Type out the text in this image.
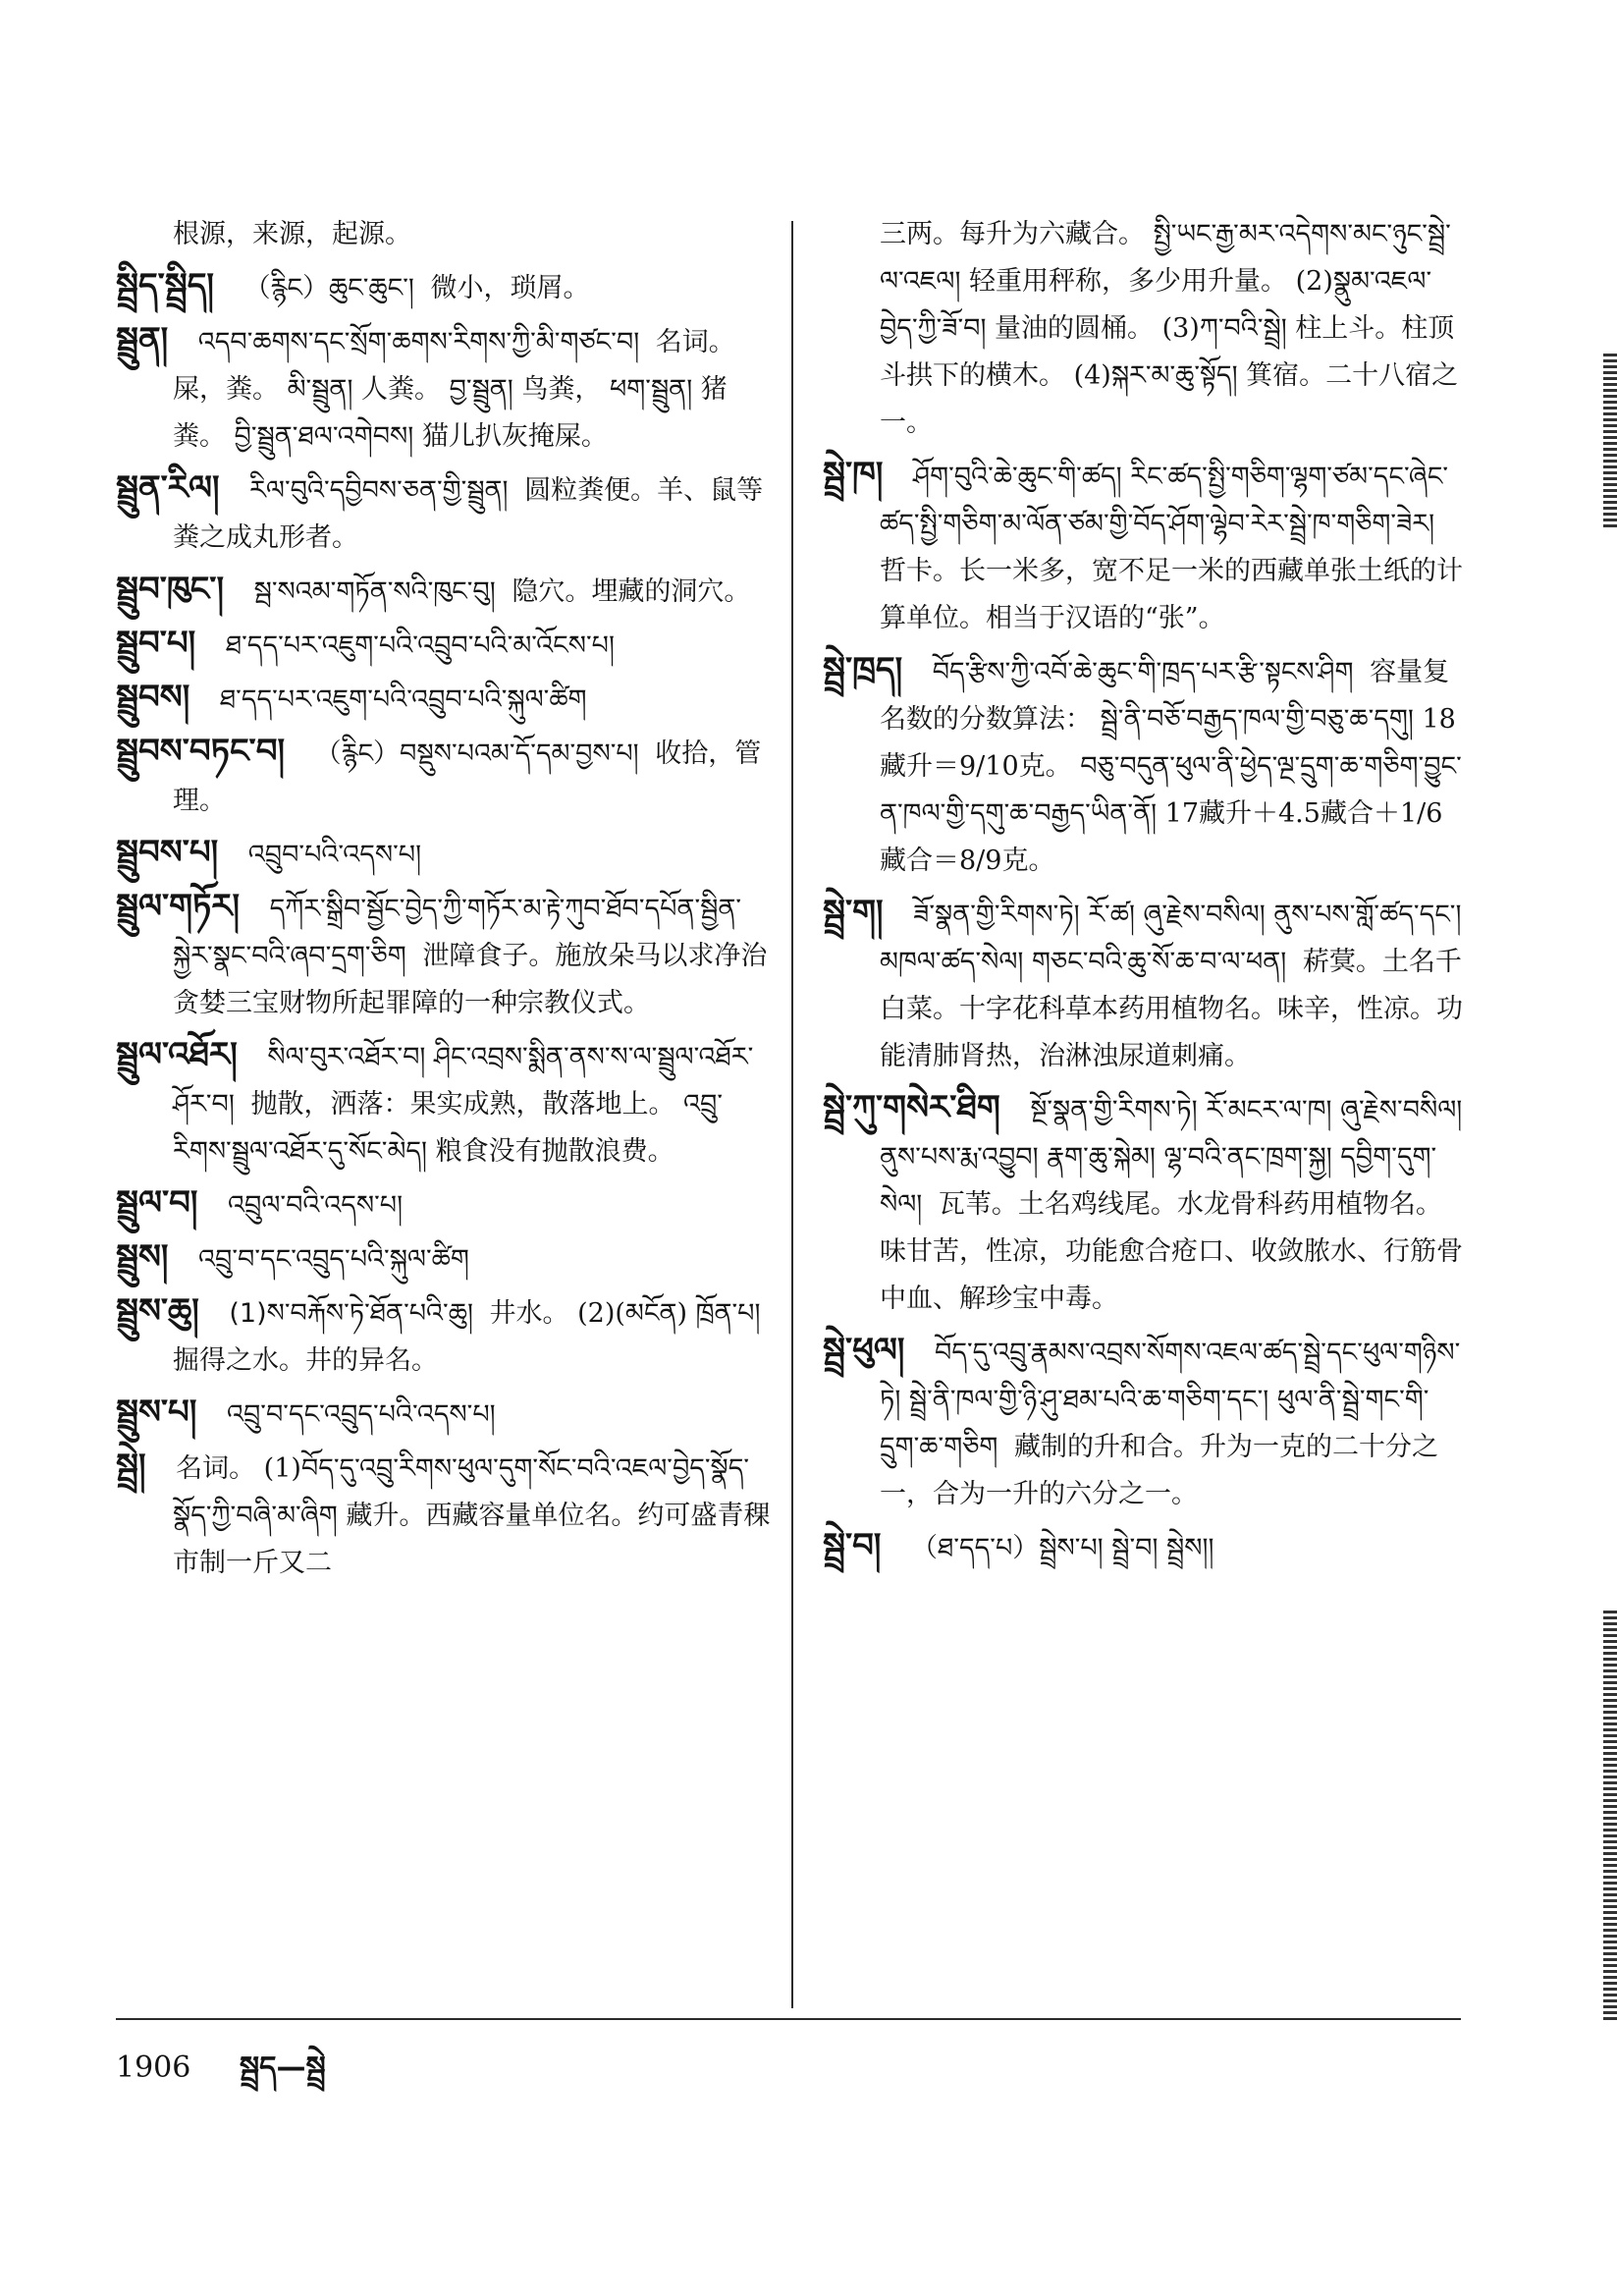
根源，来源，起源。
སྦྲིད་སྦྲིད། （རྙིང）ཆུང་ཆུང་། 微小，琐屑。
སྦྲུན། འདབ་ཆགས་དང་སྲོག་ཆགས་རིགས་ཀྱི་མི་གཙང་བ། 名词。屎，粪。 མི་སྦྲུན། 人粪。 བྱ་སྦྲུན། 鸟粪， ཕག་སྦྲུན། 猪粪。 བྱི་སྦྲུན་ཐལ་འགེབས། 猫儿扒灰掩屎。
སྦྲུན་རིལ། རིལ་བུའི་དབྱིབས་ཅན་གྱི་སྦྲུན། 圆粒粪便。羊、鼠等粪之成丸形者。
སྦྲུབ་ཁུང་། སྦ་སའམ་གཏོན་སའི་ཁུང་བུ། 隐穴。埋藏的洞穴。
སྦྲུབ་པ། ཐ་དད་པར་འཇུག་པའི་འབྲུབ་པའི་མ་འོངས་པ།
སྦྲུབས། ཐ་དད་པར་འཇུག་པའི་འབྲུབ་པའི་སྐུལ་ཚིག
སྦྲུབས་བཏང་བ། （རྙིང）བསྡུས་པའམ་དོ་དམ་བྱས་པ། 收拾，管理。
སྦྲུབས་པ། འབྲུབ་པའི་འདས་པ།
སྦྲུལ་གཏོར། དཀོར་སྒྲིབ་སྦྱོང་བྱེད་ཀྱི་གཏོར་མ་རྟེ་ཀུབ་ཐོབ་དཔོན་སྦྱིན་སྐྱེར་སྣང་བའི་ཞབ་དྲག་ཅིག 泄障食子。施放朵马以求净治贪婪三宝财物所起罪障的一种宗教仪式。
སྦྲུལ་འཐོར། སིལ་བུར་འཐོར་བ། ཤིང་འབྲས་སྨིན་ནས་ས་ལ་སྦྲུལ་འཐོར་ཤོར་བ། 抛散，洒落：果实成熟，散落地上。 འབྲུ་རིགས་སྦྲུལ་འཐོར་དུ་སོང་མེད། 粮食没有抛散浪费。
སྦྲུལ་བ། འབྲུལ་བའི་འདས་པ།
སྦྲུས། འབྲུ་བ་དང་འབྲུད་པའི་སྐུལ་ཚིག
སྦྲུས་ཆུ། (1)ས་བརྐོས་ཏེ་ཐོན་པའི་ཆུ། 井水。 (2)(མངོན) ཁྲོན་པ། 掘得之水。井的异名。
སྦྲུས་པ། འབྲུ་བ་དང་འབྲུད་པའི་འདས་པ།
སྦྲེ། 名词。 (1)བོད་དུ་འབྲུ་རིགས་ཕུལ་དུག་སོང་བའི་འཇལ་བྱེད་སྣོད་སྣོད་ཀྱི་བཞི་མ་ཞིག 藏升。西藏容量单位名。约可盛青稞市制一斤又二
三两。每升为六藏合。 སྤྱི་ཡང་རྒྱ་མར་འདེགས་མང་ཉུང་སྦྲེ་ལ་འཇལ། 轻重用秤称，多少用升量。 (2)སྣུམ་འཇལ་བྱེད་ཀྱི་ཟོ་བ། 量油的圆桶。 (3)ཀ་བའི་སྦྲེ། 柱上斗。柱顶斗拱下的横木。 (4)སྐར་མ་ཆུ་སྟོད། 箕宿。二十八宿之一。
སྦྲེ་ཁ། ཤོག་བུའི་ཆེ་ཆུང་གི་ཚད། རིང་ཚད་སྤྱི་གཅིག་ལྷག་ཙམ་དང་ཞེང་ཚད་སྤྱི་གཅིག་མ་ལོན་ཙམ་གྱི་བོད་ཤོག་ལྷེབ་རེར་སྦྲེ་ཁ་གཅིག་ཟེར། 哲卡。长一米多，宽不足一米的西藏单张土纸的计算单位。相当于汉语的“张”。
སྦྲེ་ཁྲད། བོད་རྩིས་ཀྱི་འབོ་ཆེ་ཆུང་གི་ཁྲད་པར་རྩི་སྟངས་ཤིག 容量复名数的分数算法： སྦྲེ་ནི་བཅོ་བརྒྱད་ཁལ་གྱི་བཅུ་ཆ་དགུ། 18藏升＝9/10克。 བཅུ་བདུན་ཕུལ་ནི་ཕྱེད་ལྔ་དྲུག་ཆ་གཅིག་བྱུང་ན་ཁལ་གྱི་དགུ་ཆ་བརྒྱད་ཡིན་ནོ། 17藏升＋4.5藏合＋1/6藏合＝8/9克。
སྦྲེ་ག། ཟོ་སྣན་གྱི་རིགས་ཏེ། རོ་ཚ། ཞུ་རྗེས་བསིལ། ནུས་པས་གློ་ཚད་དང་། མཁལ་ཚད་སེལ། གཅང་བའི་ཆུ་སོ་ཆ་བ་ལ་ཕན། 菥蓂。土名千白菜。十字花科草本药用植物名。味辛，性凉。功能清肺肾热，治淋浊尿道刺痛。
སྦྲེ་ཀུ་གསེར་ཐིག སྔོ་སྣན་གྱི་རིགས་ཏེ། རོ་མངར་ལ་ཁ། ཞུ་རྗེས་བསིལ། ནུས་པས་རྨ་འབྱུབ། རྣག་ཆུ་སྐེམ། ལྷ་བའི་ནང་ཁྲག་སྐྱ། དབྱིག་དུག་སེལ། 瓦苇。土名鸡线尾。水龙骨科药用植物名。味甘苦，性凉，功能愈合疮口、收敛脓水、行筋骨中血、解珍宝中毒。
སྦྲེ་ཕུལ། བོད་དུ་འབྲུ་རྣམས་འབྲས་སོགས་འཇལ་ཚད་སྦྲེ་དང་ཕུལ་གཉིས་ཏེ། སྦྲེ་ནི་ཁལ་གྱི་ཉི་ཤུ་ཐམ་པའི་ཆ་གཅིག་དང་། ཕུལ་ནི་སྦྲེ་གང་གི་དྲུག་ཆ་གཅིག 藏制的升和合。升为一克的二十分之一，合为一升的六分之一。
སྦྲེ་བ། （ཐ་དད་པ）སྦྲེས་པ། སྦྲེ་བ། སྦྲེས།།
1906 སྦྲད—སྦྲེ
